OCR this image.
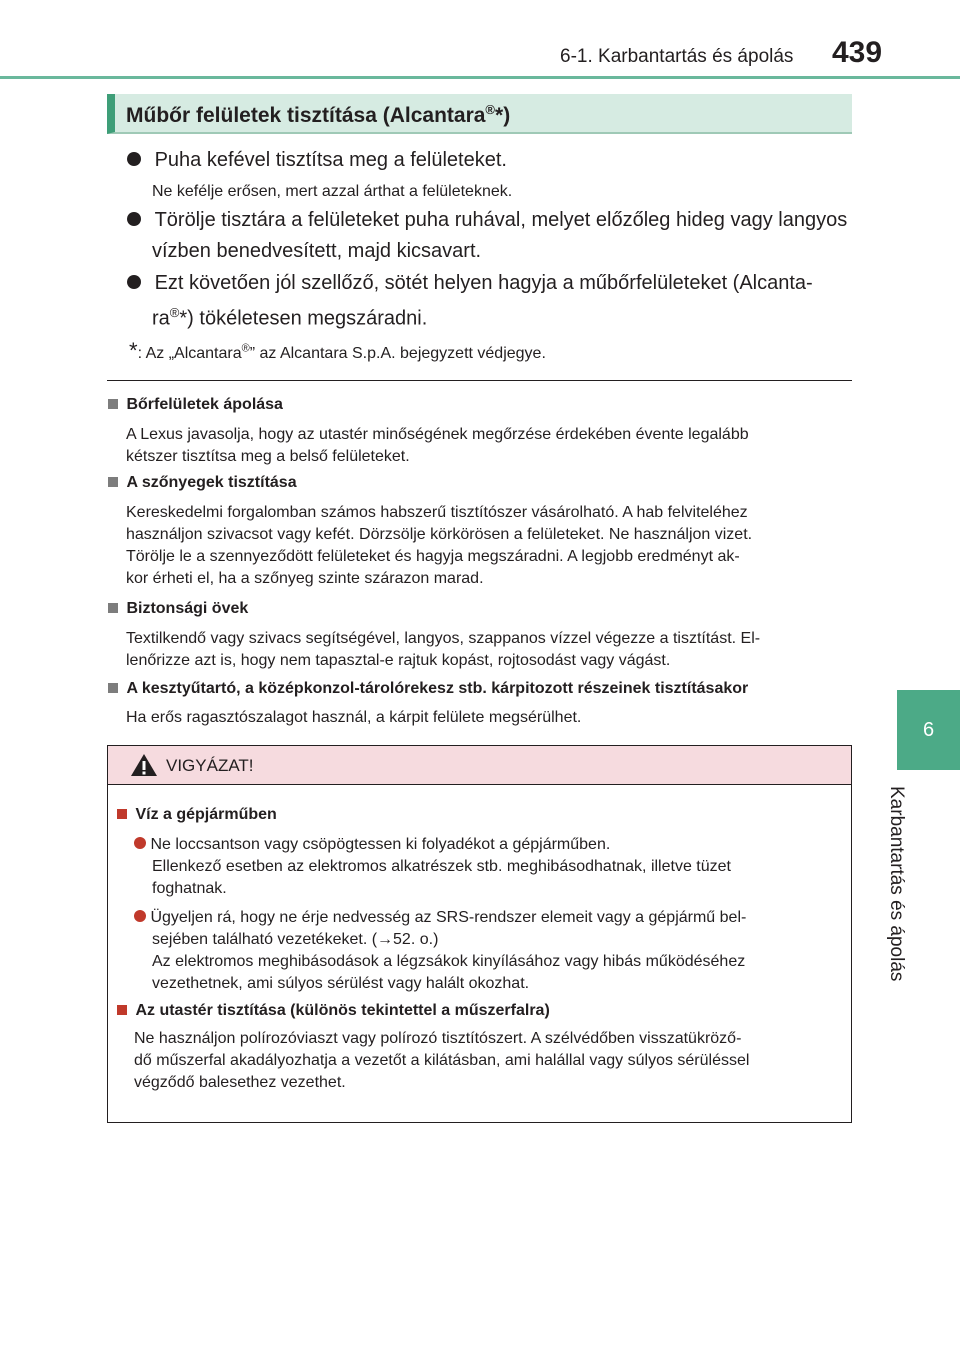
6-1. Karbantartás és ápolás 439
6
Karbantartás és ápolás
Műbőr felületek tisztítása (Alcantara®*)
Puha kefével tisztítsa meg a felületeket.
Ne kefélje erősen, mert azzal árthat a felületeknek.
Törölje tisztára a felületeket puha ruhával, melyet előzőleg hideg vagy langyos
vízben benedvesített, majd kicsavart.
Ezt követően jól szellőző, sötét helyen hagyja a műbőrfelületeket (Alcanta-
ra®*) tökéletesen megszáradni.
*: Az „Alcantara®” az Alcantara S.p.A. bejegyzett védjegye.
Bőrfelületek ápolása
A Lexus javasolja, hogy az utastér minőségének megőrzése érdekében évente legalább
kétszer tisztítsa meg a belső felületeket.
A szőnyegek tisztítása
Kereskedelmi forgalomban számos habszerű tisztítószer vásárolható. A hab felviteléhez
használjon szivacsot vagy kefét. Dörzsölje körkörösen a felületeket. Ne használjon vizet.
Törölje le a szennyeződött felületeket és hagyja megszáradni. A legjobb eredményt ak-
kor érheti el, ha a szőnyeg szinte szárazon marad.
Biztonsági övek
Textilkendő vagy szivacs segítségével, langyos, szappanos vízzel végezze a tisztítást. El-
lenőrizze azt is, hogy nem tapasztal-e rajtuk kopást, rojtosodást vagy vágást.
A kesztyűtartó, a középkonzol-tárolórekesz stb. kárpitozott részeinek tisztításakor
Ha erős ragasztószalagot használ, a kárpit felülete megsérülhet.
VIGYÁZAT!
Víz a gépjárműben
Ne loccsantson vagy csöpögtessen ki folyadékot a gépjárműben.
Ellenkező esetben az elektromos alkatrészek stb. meghibásodhatnak, illetve tüzet
foghatnak.
Ügyeljen rá, hogy ne érje nedvesség az SRS-rendszer elemeit vagy a gépjármű bel-
sejében található vezetékeket. (→52. o.)
Az elektromos meghibásodások a légzsákok kinyílásához vagy hibás működéséhez
vezethetnek, ami súlyos sérülést vagy halált okozhat.
Az utastér tisztítása (különös tekintettel a műszerfalra)
Ne használjon polírozóviaszt vagy polírozó tisztítószert. A szélvédőben visszatükröző-
dő műszerfal akadályozhatja a vezetőt a kilátásban, ami halállal vagy súlyos sérüléssel
végződő balesethez vezethet.
